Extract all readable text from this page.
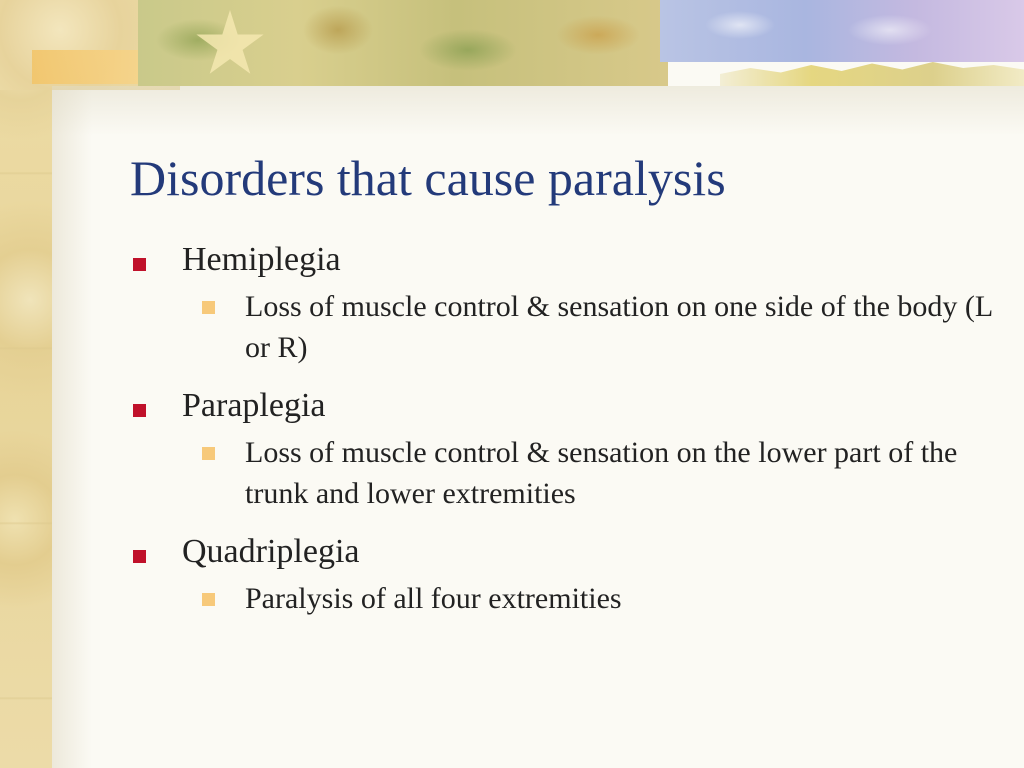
Disorders that cause paralysis
Hemiplegia
Loss of muscle control & sensation on one side of the body (L or R)
Paraplegia
Loss of muscle control & sensation on the lower part of the trunk and lower extremities
Quadriplegia
Paralysis of all four extremities
